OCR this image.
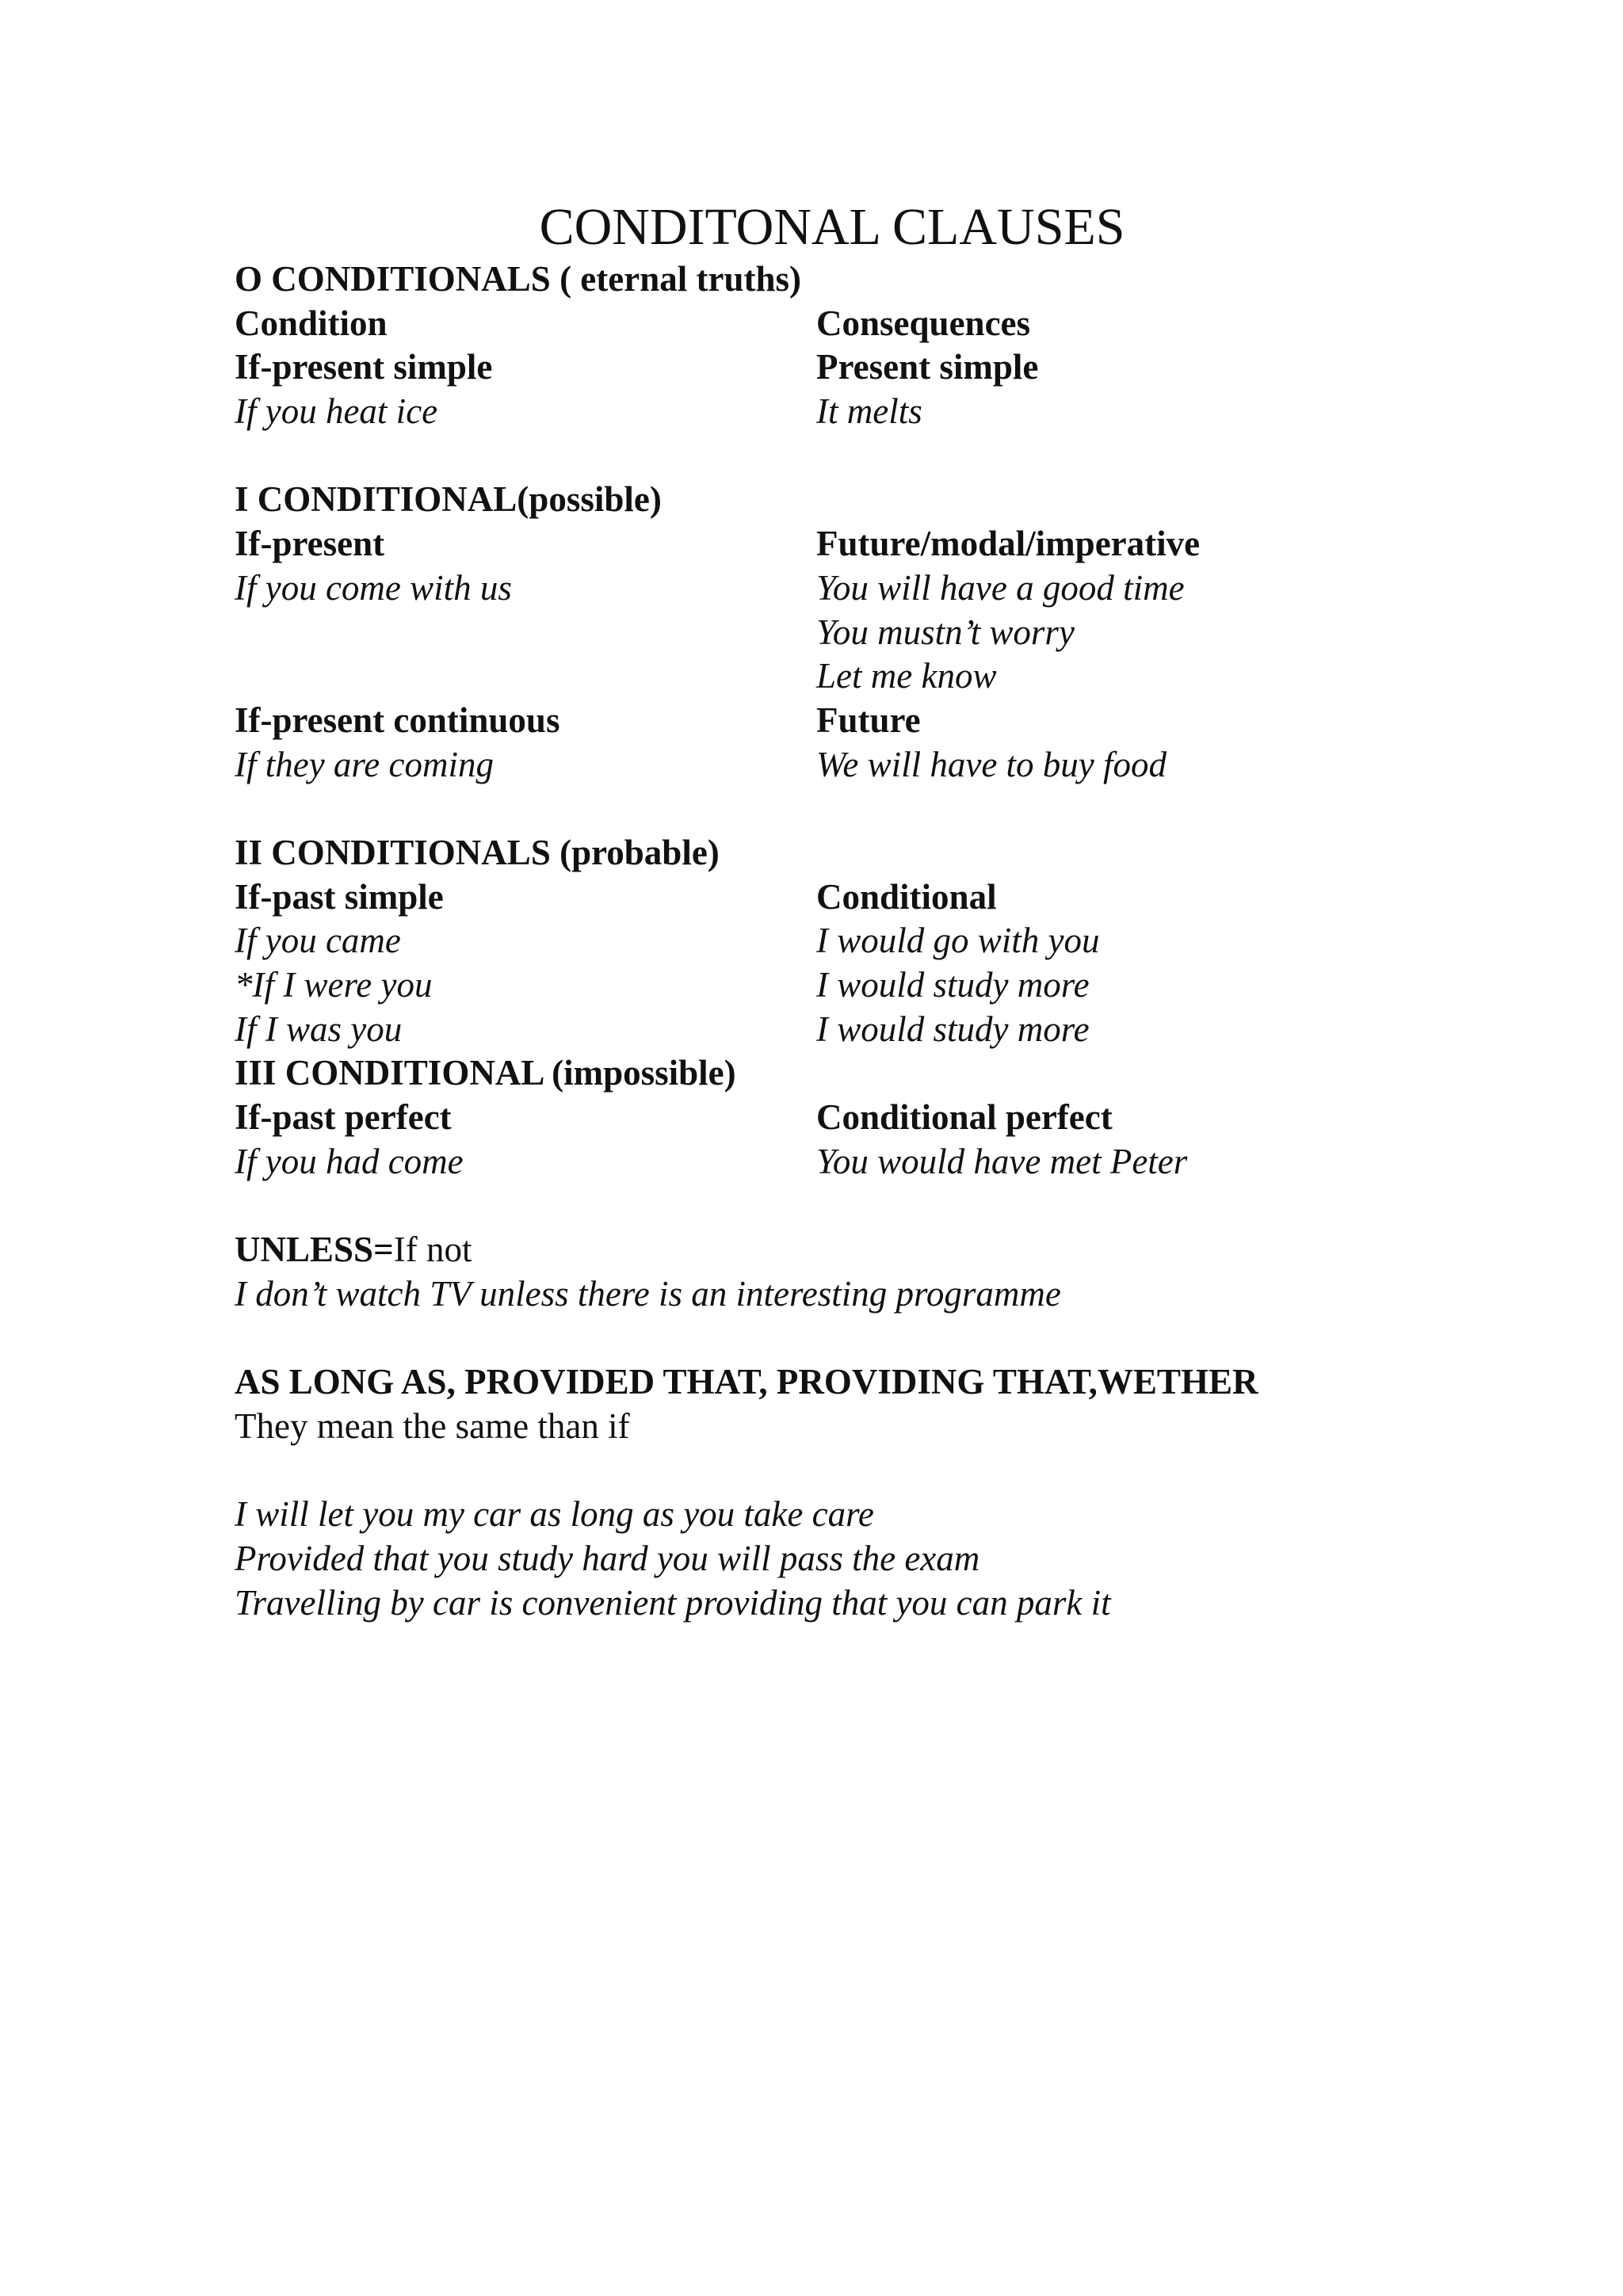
CONDITONAL CLAUSES
O CONDITIONALS ( eternal truths)
Condition	Consequences
If-present simple	Present simple
If you heat ice	It melts
I CONDITIONAL(possible)
If-present	Future/modal/imperative
If you come with us	You will have a good time
You mustn’t worry
Let me know
If-present continuous	Future
If they are coming	We will have to buy food
II CONDITIONALS (probable)
If-past simple	Conditional
If you came	I would go with you
*If I were you	I would study more
If I was you	I would study more
III CONDITIONAL (impossible)
If-past perfect	Conditional perfect
If you had come	You would have met Peter
UNLESS=If not
I don’t watch TV unless there is an interesting programme
AS LONG AS, PROVIDED THAT, PROVIDING THAT,WETHER
They mean the same than if
I will let you my car as long as you take care
Provided that you study hard you will pass the exam
Travelling by car is convenient providing that you can park it
